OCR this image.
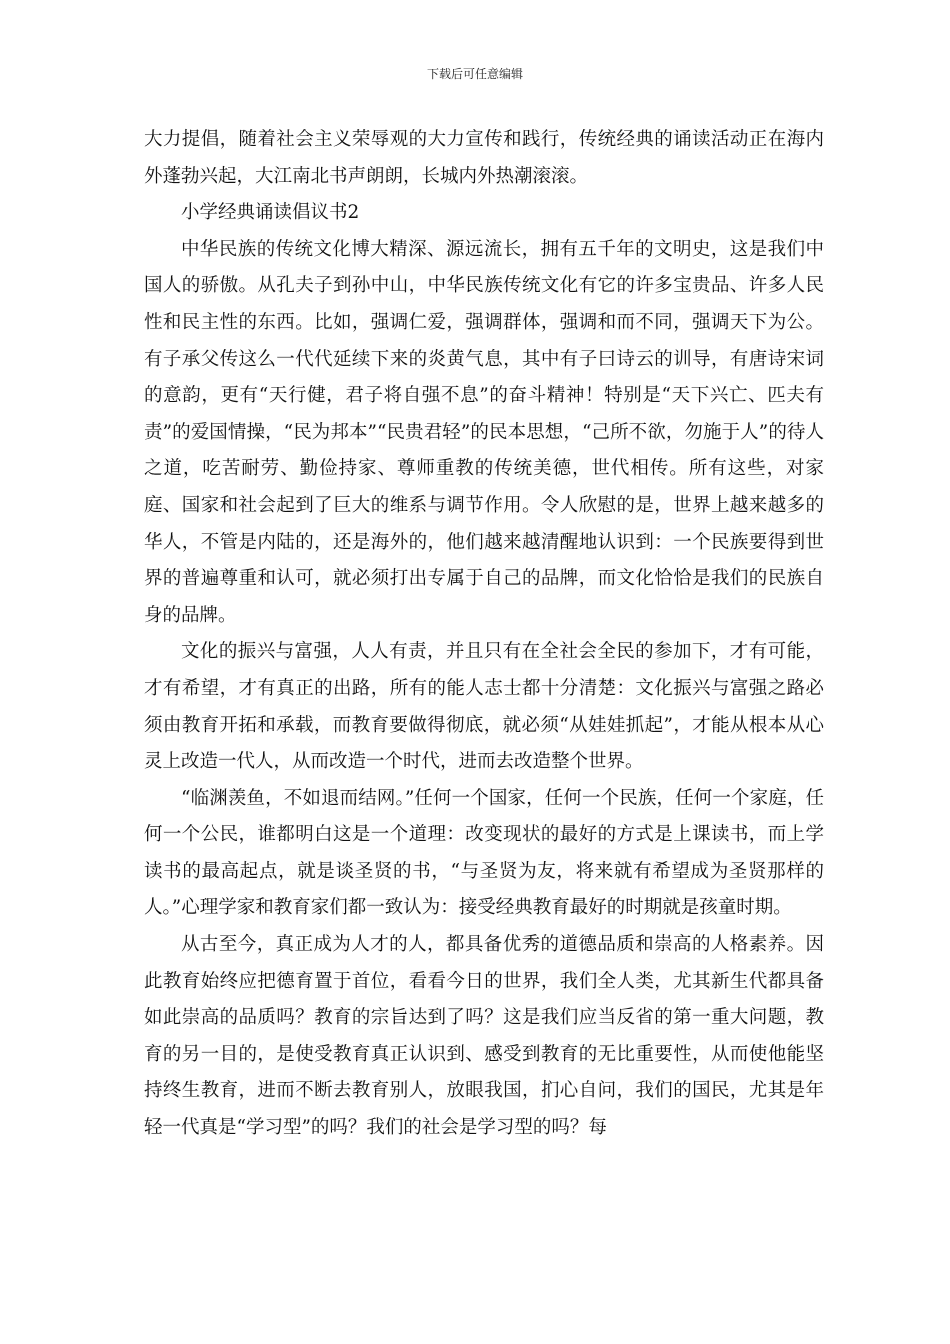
下载后可任意编辑

大力提倡，随着社会主义荣辱观的大力宣传和践行，传统经典的诵读活动正在海内外蓬勃兴起，大江南北书声朗朗，长城内外热潮滚滚。

小学经典诵读倡议书2

中华民族的传统文化博大精深、源远流长，拥有五千年的文明史，这是我们中国人的骄傲。从孔夫子到孙中山，中华民族传统文化有它的许多宝贵品、许多人民性和民主性的东西。比如，强调仁爱，强调群体，强调和而不同，强调天下为公。有子承父传这么一代代延续下来的炎黄气息，其中有子曰诗云的训导，有唐诗宋词的意韵，更有“天行健，君子将自强不息”的奋斗精神！特别是“天下兴亡、匹夫有责”的爱国情操，“民为邦本”“民贵君轻”的民本思想，“己所不欲，勿施于人”的待人之道，吃苦耐劳、勤俭持家、尊师重教的传统美德，世代相传。所有这些，对家庭、国家和社会起到了巨大的维系与调节作用。令人欣慰的是，世界上越来越多的华人，不管是内陆的，还是海外的，他们越来越清醒地认识到：一个民族要得到世界的普遍尊重和认可，就必须打出专属于自己的品牌，而文化恰恰是我们的民族自身的品牌。

文化的振兴与富强，人人有责，并且只有在全社会全民的参加下，才有可能，才有希望，才有真正的出路，所有的能人志士都十分清楚：文化振兴与富强之路必须由教育开拓和承载，而教育要做得彻底，就必须“从娃娃抓起”，才能从根本从心灵上改造一代人，从而改造一个时代，进而去改造整个世界。

“临渊羡鱼，不如退而结网。”任何一个国家，任何一个民族，任何一个家庭，任何一个公民，谁都明白这是一个道理：改变现状的最好的方式是上课读书，而上学读书的最高起点，就是谈圣贤的书，“与圣贤为友，将来就有希望成为圣贤那样的人。”心理学家和教育家们都一致认为：接受经典教育最好的时期就是孩童时期。

从古至今，真正成为人才的人，都具备优秀的道德品质和崇高的人格素养。因此教育始终应把德育置于首位，看看今日的世界，我们全人类，尤其新生代都具备如此崇高的品质吗？教育的宗旨达到了吗？这是我们应当反省的第一重大问题，教育的另一目的，是使受教育真正认识到、感受到教育的无比重要性，从而使他能坚持终生教育，进而不断去教育别人，放眼我国，扪心自问，我们的国民，尤其是年轻一代真是“学习型”的吗？我们的社会是学习型的吗？每
